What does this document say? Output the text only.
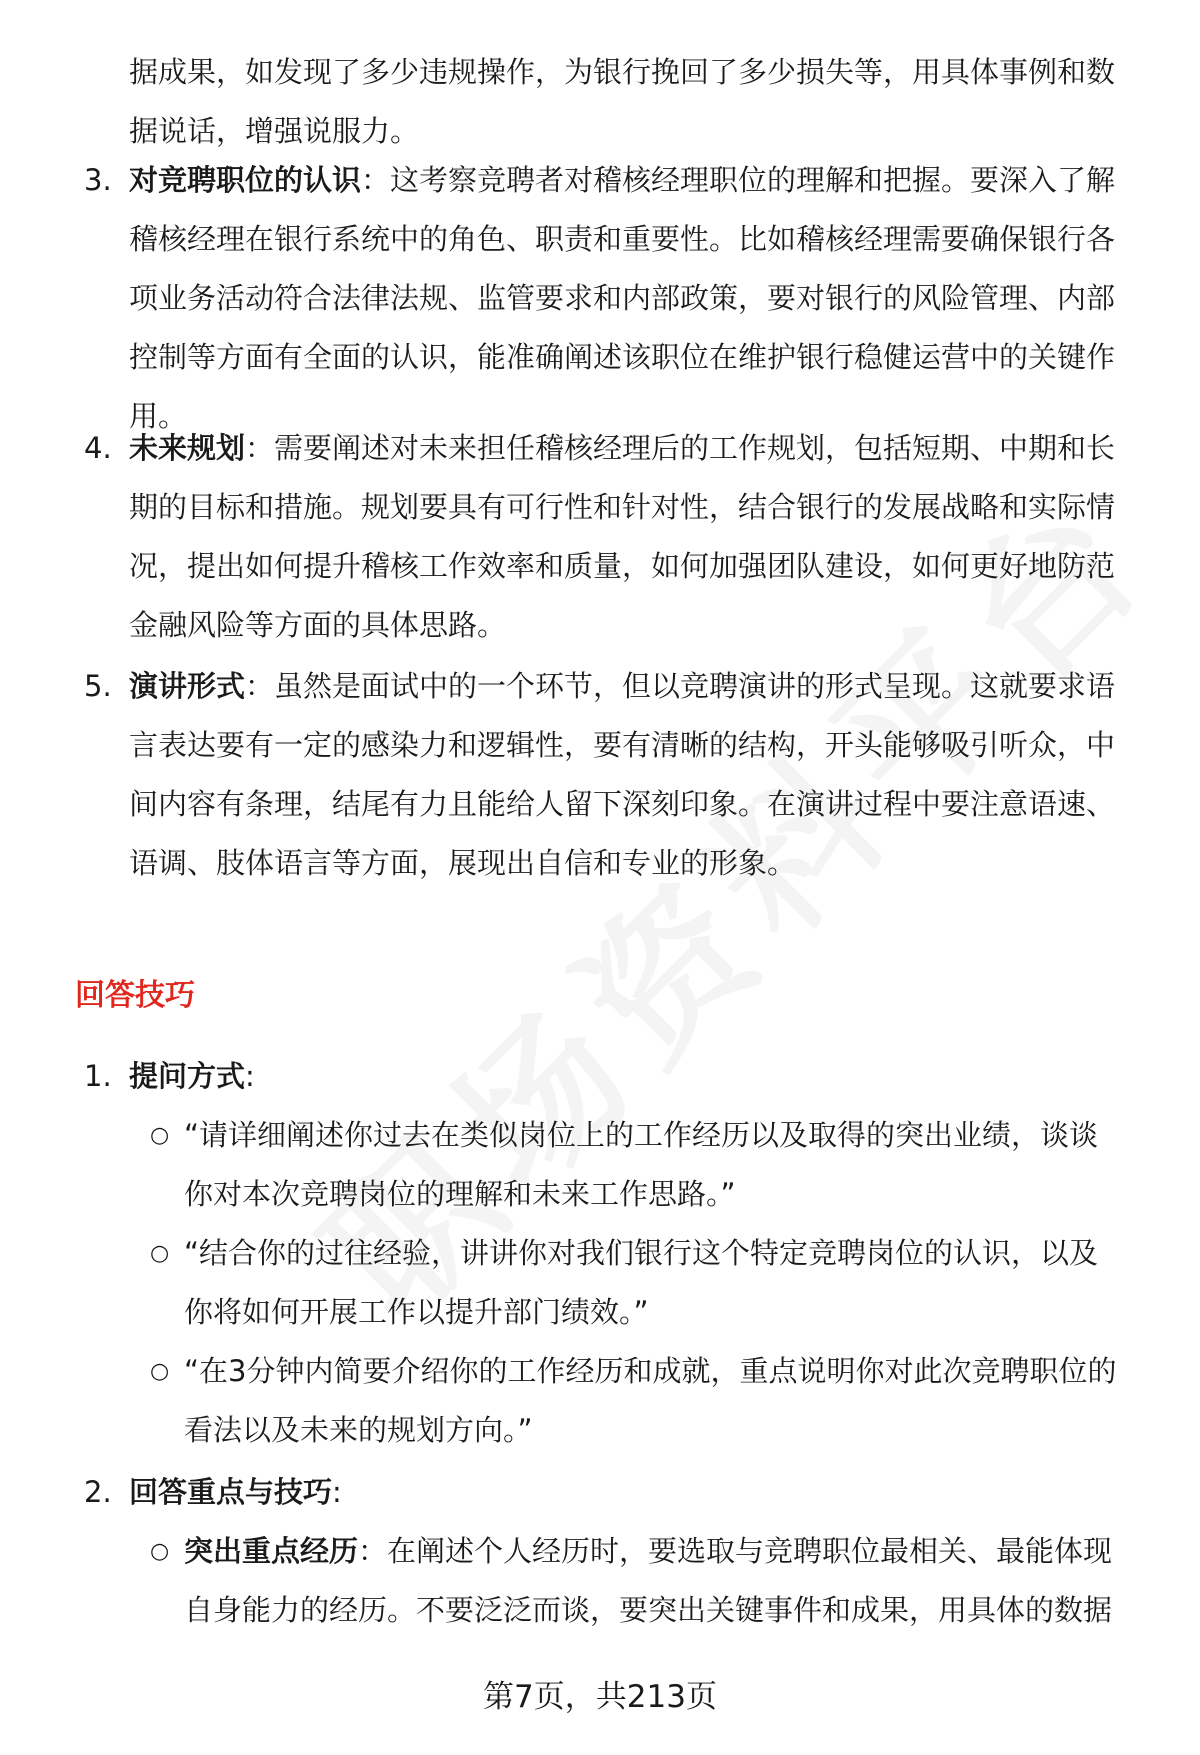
据成果，如发现了多少违规操作，为银行挽回了多少损失等，用具体事例和数
据说话，增强说服力。
3. 对竞聘职位的认识：这考察竞聘者对稽核经理职位的理解和把握。要深入了解
稽核经理在银行系统中的角色、职责和重要性。比如稽核经理需要确保银行各
项业务活动符合法律法规、监管要求和内部政策，要对银行的风险管理、内部
控制等方面有全面的认识，能准确阐述该职位在维护银行稳健运营中的关键作
用。
4. 未来规划：需要阐述对未来担任稽核经理后的工作规划，包括短期、中期和长
期的目标和措施。规划要具有可行性和针对性，结合银行的发展战略和实际情
况，提出如何提升稽核工作效率和质量，如何加强团队建设，如何更好地防范
金融风险等方面的具体思路。
5. 演讲形式：虽然是面试中的一个环节，但以竞聘演讲的形式呈现。这就要求语
言表达要有一定的感染力和逻辑性，要有清晰的结构，开头能够吸引听众，中
间内容有条理，结尾有力且能给人留下深刻印象。在演讲过程中要注意语速、
语调、肢体语言等方面，展现出自信和专业的形象。
回答技巧
1. 提问方式:
○ “请详细阐述你过去在类似岗位上的工作经历以及取得的突出业绩，谈谈
你对本次竞聘岗位的理解和未来工作思路。”
○ “结合你的过往经验，讲讲你对我们银行这个特定竞聘岗位的认识，以及
你将如何开展工作以提升部门绩效。”
○ “在3分钟内简要介绍你的工作经历和成就，重点说明你对此次竞聘职位的
看法以及未来的规划方向。”
2. 回答重点与技巧:
○ 突出重点经历：在阐述个人经历时，要选取与竞聘职位最相关、最能体现
自身能力的经历。不要泛泛而谈，要突出关键事件和成果，用具体的数据
第7页，共213页
